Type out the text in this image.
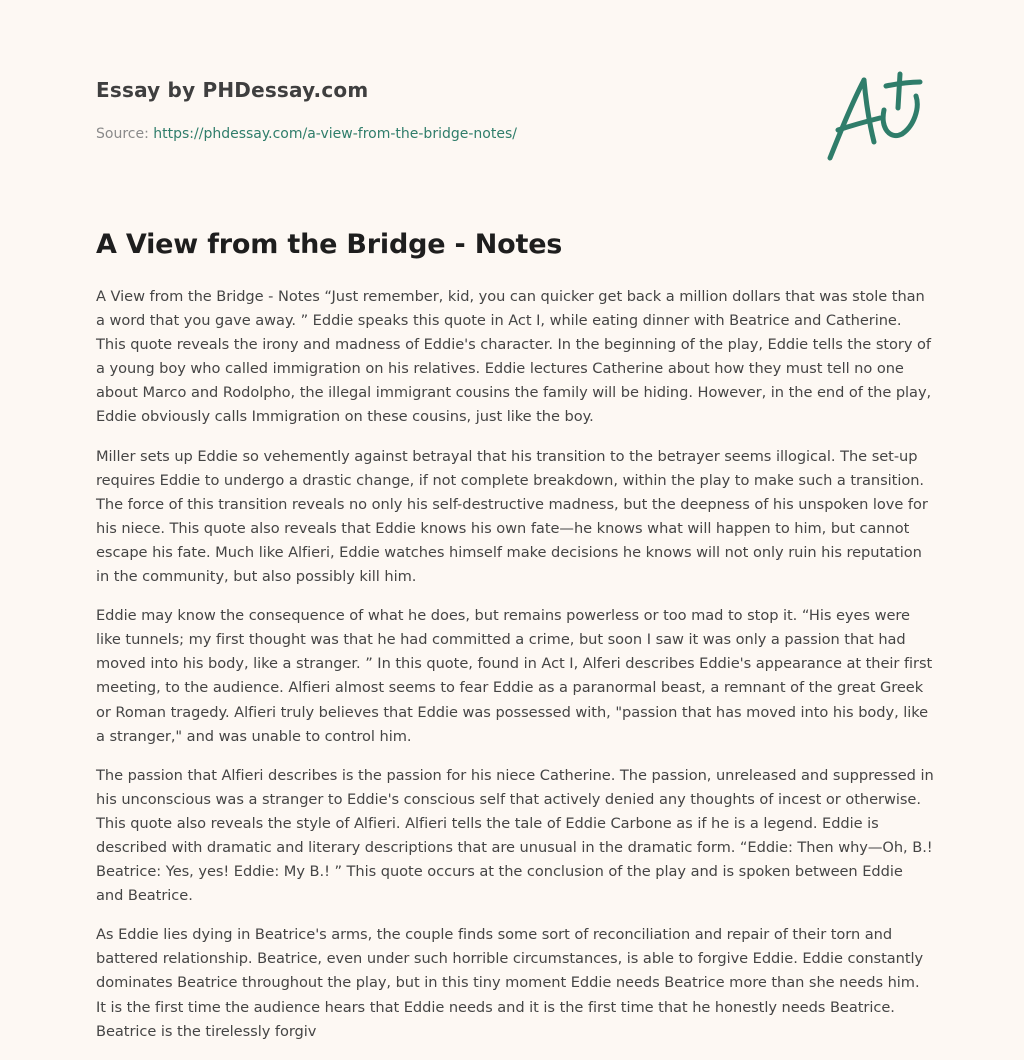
Essay by PHDessay.com
Source: https://phdessay.com/a-view-from-the-bridge-notes/
A View from the Bridge - Notes

A View from the Bridge - Notes “Just remember, kid, you can quicker get back a million dollars that was stole than a word that you gave away. ” Eddie speaks this quote in Act I, while eating dinner with Beatrice and Catherine. This quote reveals the irony and madness of Eddie's character. In the beginning of the play, Eddie tells the story of a young boy who called immigration on his relatives. Eddie lectures Catherine about how they must tell no one about Marco and Rodolpho, the illegal immigrant cousins the family will be hiding. However, in the end of the play, Eddie obviously calls Immigration on these cousins, just like the boy.

Miller sets up Eddie so vehemently against betrayal that his transition to the betrayer seems illogical. The set-up requires Eddie to undergo a drastic change, if not complete breakdown, within the play to make such a transition. The force of this transition reveals no only his self-destructive madness, but the deepness of his unspoken love for his niece. This quote also reveals that Eddie knows his own fate—he knows what will happen to him, but cannot escape his fate. Much like Alfieri, Eddie watches himself make decisions he knows will not only ruin his reputation in the community, but also possibly kill him.

Eddie may know the consequence of what he does, but remains powerless or too mad to stop it. “His eyes were like tunnels; my first thought was that he had committed a crime, but soon I saw it was only a passion that had moved into his body, like a stranger. ” In this quote, found in Act I, Alferi describes Eddie's appearance at their first meeting, to the audience. Alfieri almost seems to fear Eddie as a paranormal beast, a remnant of the great Greek or Roman tragedy. Alfieri truly believes that Eddie was possessed with, "passion that has moved into his body, like a stranger," and was unable to control him.

The passion that Alfieri describes is the passion for his niece Catherine. The passion, unreleased and suppressed in his unconscious was a stranger to Eddie's conscious self that actively denied any thoughts of incest or otherwise. This quote also reveals the style of Alfieri. Alfieri tells the tale of Eddie Carbone as if he is a legend. Eddie is described with dramatic and literary descriptions that are unusual in the dramatic form. “Eddie: Then why—Oh, B.! Beatrice: Yes, yes! Eddie: My B.! ” This quote occurs at the conclusion of the play and is spoken between Eddie and Beatrice.

As Eddie lies dying in Beatrice's arms, the couple finds some sort of reconciliation and repair of their torn and battered relationship. Beatrice, even under such horrible circumstances, is able to forgive Eddie. Eddie constantly dominates Beatrice throughout the play, but in this tiny moment Eddie needs Beatrice more than she needs him. It is the first time the audience hears that Eddie needs and it is the first time that he honestly needs Beatrice. Beatrice is the tirelessly forgiv
